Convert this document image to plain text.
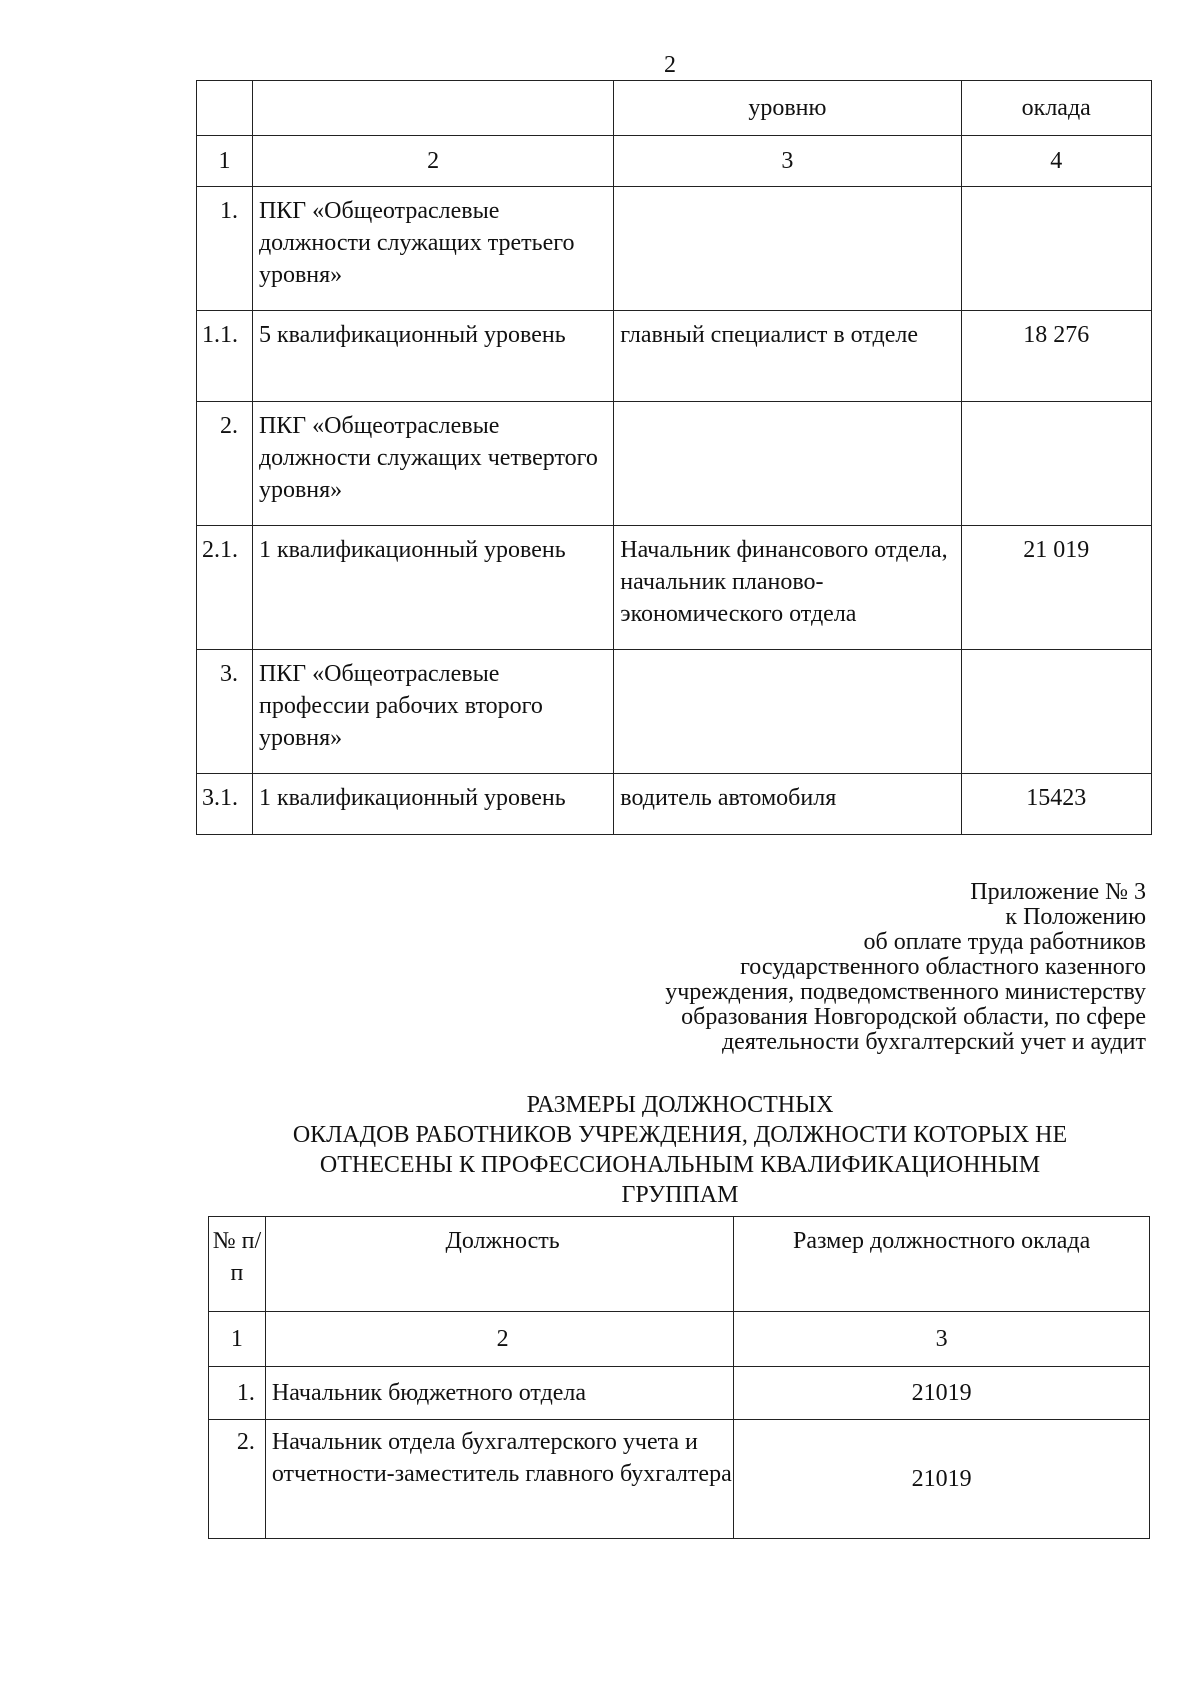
2
		уровню	оклада
1	2	3	4
1.	ПКГ «Общеотраслевые должности служащих третьего уровня»		
1.1.	5 квалификационный уровень	главный специалист в отделе	18 276
2.	ПКГ «Общеотраслевые должности служащих четвертого уровня»		
2.1.	1 квалификационный уровень	Начальник финансового отдела, начальник планово-экономического отдела	21 019
3.	ПКГ «Общеотраслевые профессии рабочих второго уровня»		
3.1.	1 квалификационный уровень	водитель автомобиля	15423
Приложение № 3
к Положению
об оплате труда работников
государственного областного казенного
учреждения, подведомственного министерству
образования Новгородской области, по сфере
деятельности бухгалтерский учет и аудит
РАЗМЕРЫ ДОЛЖНОСТНЫХ
ОКЛАДОВ РАБОТНИКОВ УЧРЕЖДЕНИЯ, ДОЛЖНОСТИ КОТОРЫХ НЕ
ОТНЕСЕНЫ К ПРОФЕССИОНАЛЬНЫМ КВАЛИФИКАЦИОННЫМ
ГРУППАМ
№ п/п	Должность	Размер должностного оклада
1	2	3
1.	Начальник бюджетного отдела	21019
2.	Начальник отдела бухгалтерского учета и отчетности-заместитель главного бухгалтера	21019
